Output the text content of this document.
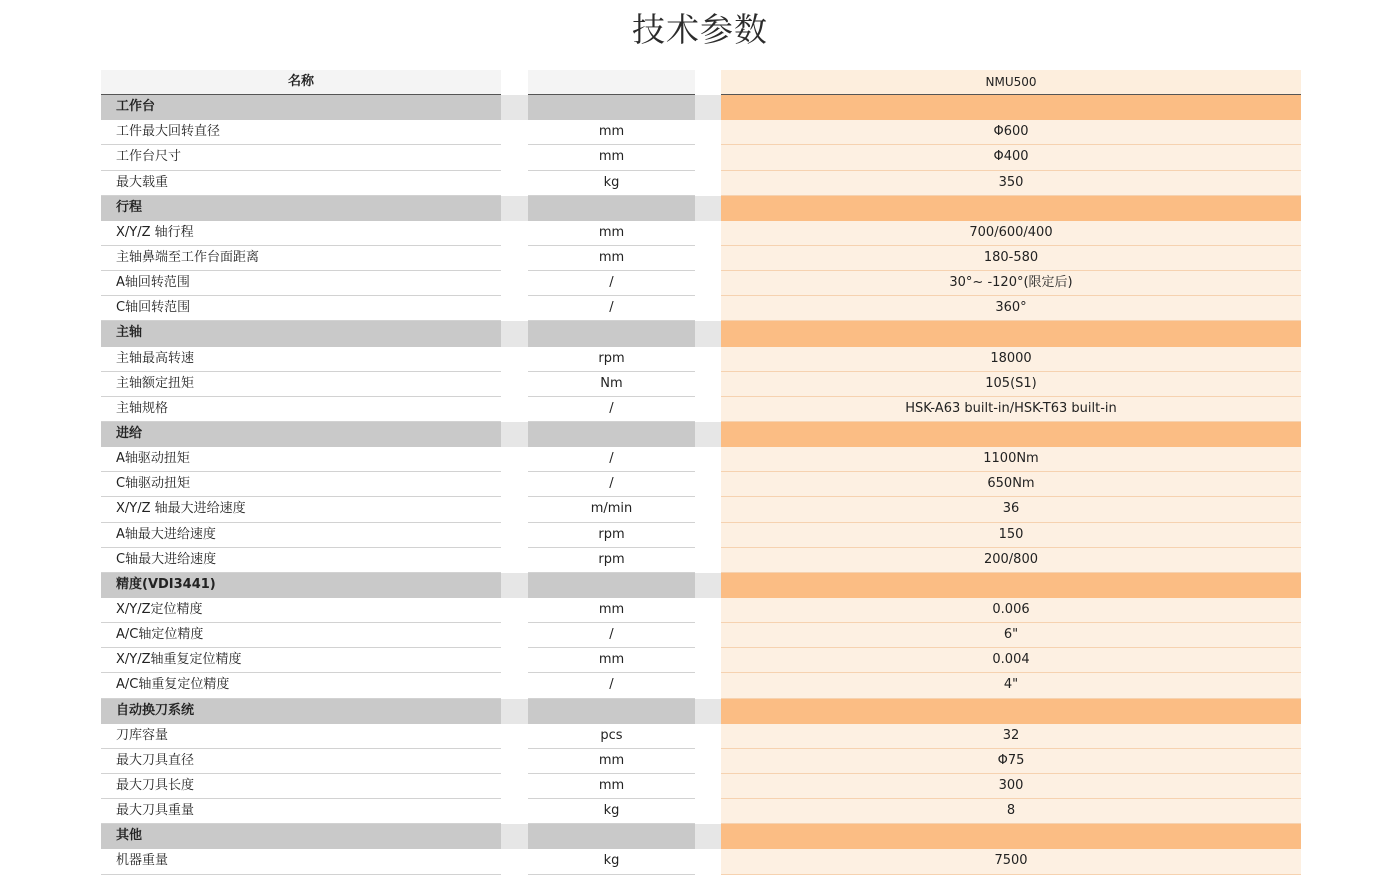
技术参数
名称	NMU500
工作台
工件最大回转直径	mm	Φ600
工作台尺寸	mm	Φ400
最大载重	kg	350
行程
X/Y/Z 轴行程	mm	700/600/400
主轴鼻端至工作台面距离	mm	180-580
A轴回转范围	/	30°~ -120°(限定后)
C轴回转范围	/	360°
主轴
主轴最高转速	rpm	18000
主轴额定扭矩	Nm	105(S1)
主轴规格	/	HSK-A63 built-in/HSK-T63 built-in
进给
A轴驱动扭矩	/	1100Nm
C轴驱动扭矩	/	650Nm
X/Y/Z 轴最大进给速度	m/min	36
A轴最大进给速度	rpm	150
C轴最大进给速度	rpm	200/800
精度(VDI3441)
X/Y/Z定位精度	mm	0.006
A/C轴定位精度	/	6"
X/Y/Z轴重复定位精度	mm	0.004
A/C轴重复定位精度	/	4"
自动换刀系统
刀库容量	pcs	32
最大刀具直径	mm	Φ75
最大刀具长度	mm	300
最大刀具重量	kg	8
其他
机器重量	kg	7500
